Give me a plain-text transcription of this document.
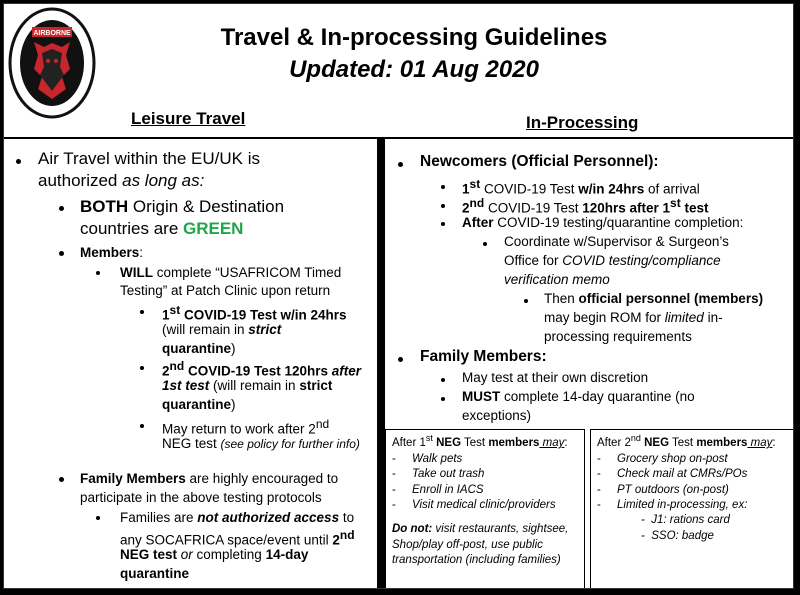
AIRBORNE	Travel & In-processing Guidelines
Updated: 01 Aug 2020
Leisure Travel	In-Processing
Air Travel within the EU/UK is
authorized as long as:
BOTH Origin & Destination
countries are GREEN
Members:
WILL complete “USAFRICOM Timed
Testing” at Patch Clinic upon return
1st COVID-19 Test w/in 24hrs
(will remain in strict
quarantine)
2nd COVID-19 Test 120hrs after
1st test (will remain in strict
quarantine)
May return to work after 2nd
NEG test (see policy for further info)
Family Members are highly encouraged to
participate in the above testing protocols
Families are not authorized access to
any SOCAFRICA space/event until 2nd
NEG test or completing 14-day
quarantine
Newcomers (Official Personnel):
1st COVID-19 Test w/in 24hrs of arrival
2nd COVID-19 Test 120hrs after 1st test
After COVID-19 testing/quarantine completion:
Coordinate w/Supervisor & Surgeon’s
Office for COVID testing/compliance
verification memo
Then official personnel (members)
may begin ROM for limited in-
processing requirements
Family Members:
May test at their own discretion
MUST complete 14-day quarantine (no
exceptions)
After 1st NEG Test members may:
- Walk pets
- Take out trash
- Enroll in IACS
- Visit medical clinic/providers
Do not: visit restaurants, sightsee,
Shop/play off-post, use public
transportation (including families)
After 2nd NEG Test members may:
- Grocery shop on-post
- Check mail at CMRs/POs
- PT outdoors (on-post)
- Limited in-processing, ex:
-  J1: rations card
-  SSO: badge
